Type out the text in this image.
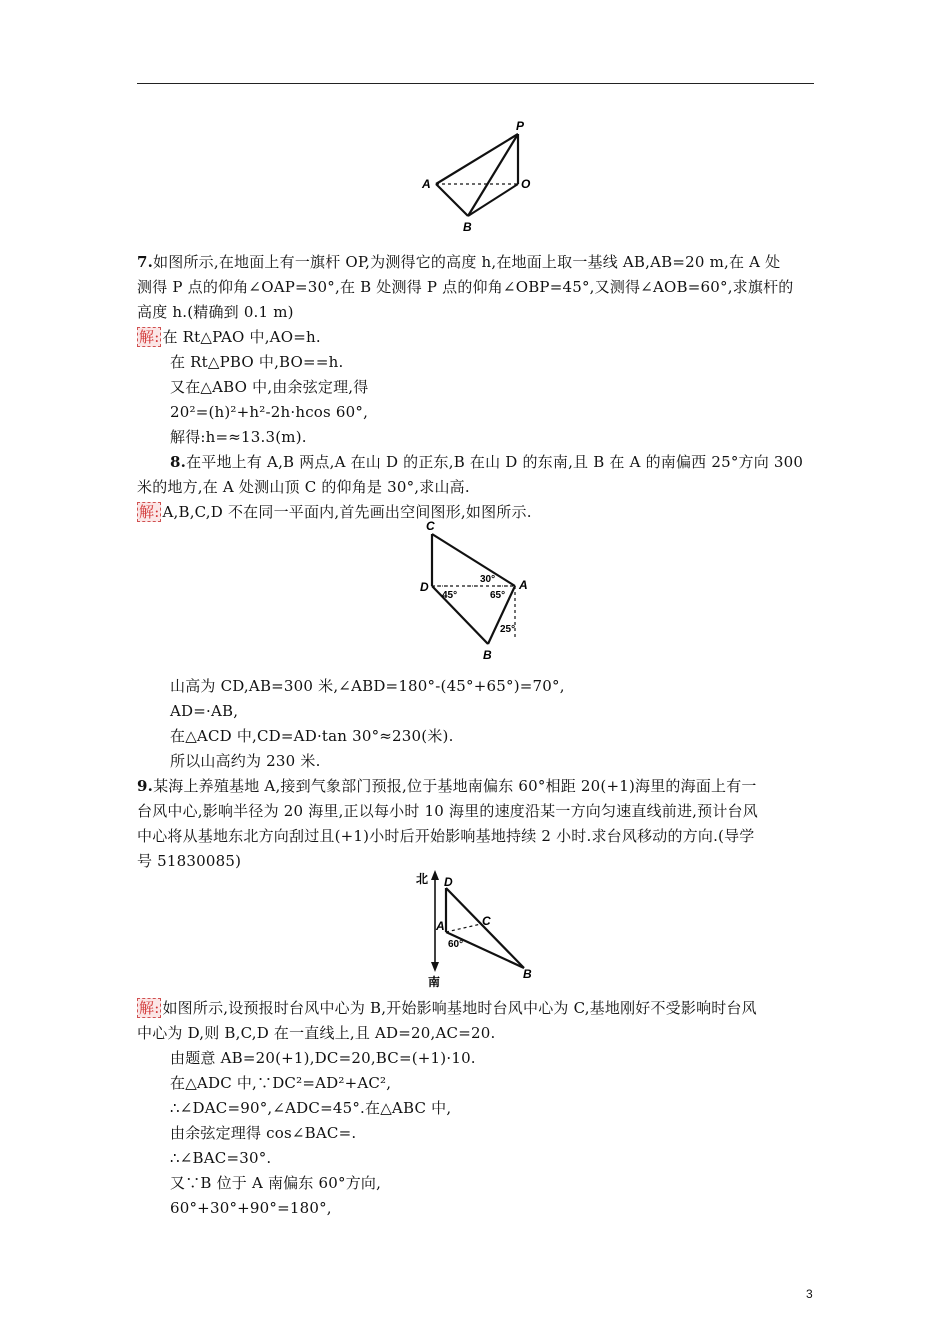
P
A	O
B
7.如图所示,在地面上有一旗杆 OP,为测得它的高度 h,在地面上取一基线 AB,AB=20 m,在 A 处
测得 P 点的仰角∠OAP=30°,在 B 处测得 P 点的仰角∠OBP=45°,又测得∠AOB=60°,求旗杆的
高度 h.(精确到 0.1 m)
解: 在 Rt△PAO 中,AO=h.
在 Rt△PBO 中,BO==h.
又在△ABO 中,由余弦定理,得
20²=(h)²+h²-2h·hcos 60°,
解得:h=≈13.3(m).
8.在平地上有 A,B 两点,A 在山 D 的正东,B 在山 D 的东南,且 B 在 A 的南偏西 25°方向 300
米的地方,在 A 处测山顶 C 的仰角是 30°,求山高.
解: A,B,C,D 不在同一平面内,首先画出空间图形,如图所示.
C
D	A
B
30°
45°	65°
25°
山高为 CD,AB=300 米,∠ABD=180°-(45°+65°)=70°,
AD=·AB,
在△ACD 中,CD=AD·tan 30°≈230(米).
所以山高约为 230 米.
9.某海上养殖基地 A,接到气象部门预报,位于基地南偏东 60°相距 20(+1)海里的海面上有一
台风中心,影响半径为 20 海里,正以每小时 10 海里的速度沿某一方向匀速直线前进,预计台风
中心将从基地东北方向刮过且(+1)小时后开始影响基地持续 2 小时.求台风移动的方向.(导学
号 51830085)
北
南
D
A	C
B
60°
解: 如图所示,设预报时台风中心为 B,开始影响基地时台风中心为 C,基地刚好不受影响时台风
中心为 D,则 B,C,D 在一直线上,且 AD=20,AC=20.
由题意 AB=20(+1),DC=20,BC=(+1)·10.
在△ADC 中,∵DC²=AD²+AC²,
∴∠DAC=90°,∠ADC=45°.在△ABC 中,
由余弦定理得 cos∠BAC=.
∴∠BAC=30°.
又∵B 位于 A 南偏东 60°方向,
60°+30°+90°=180°,
3
